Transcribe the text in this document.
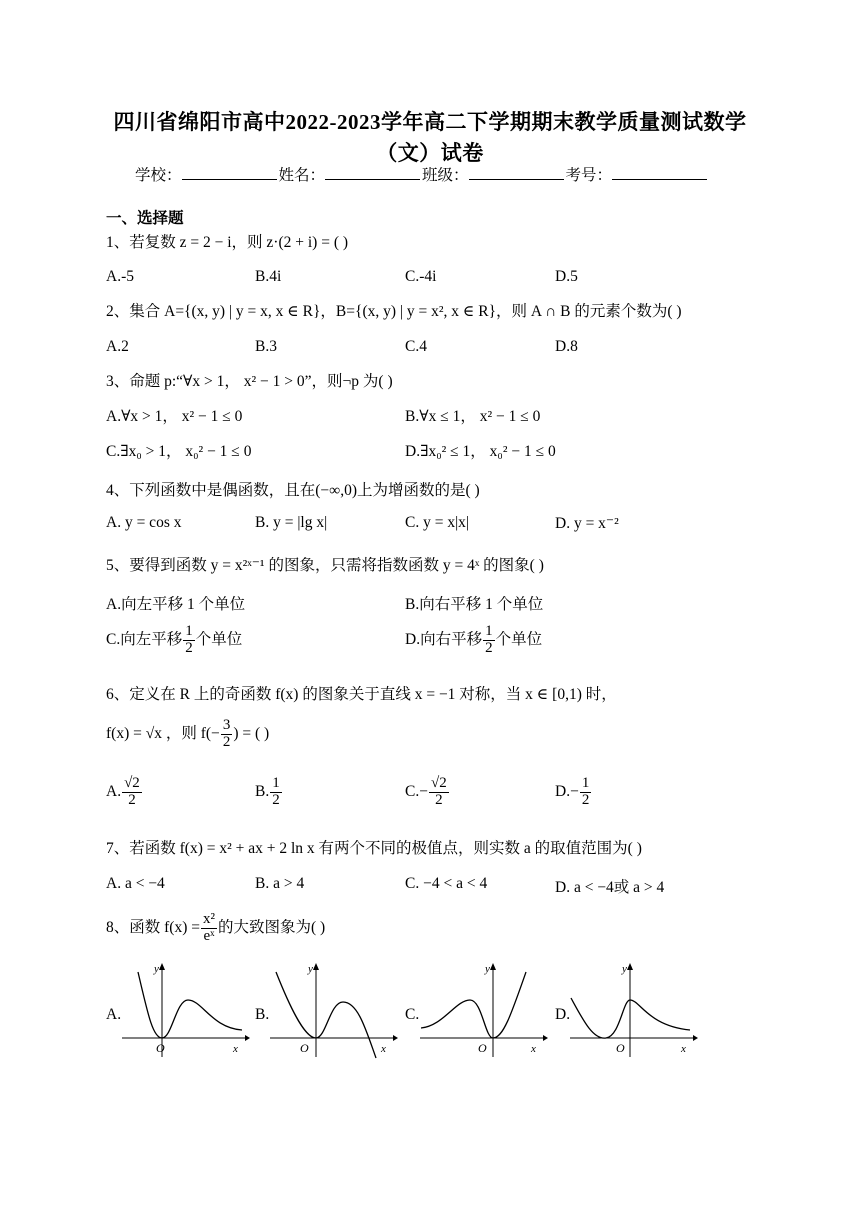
四川省绵阳市高中2022-2023学年高二下学期期末教学质量测试数学
（文）试卷
学校：	姓名：	班级：	考号：
一、选择题
1、若复数 z = 2 − i，则 z·(2 + i) = ( )
A.-5	B.4i	C.-4i	D.5
2、集合 A={(x, y) | y = x, x ∈ R}，B={(x, y) | y = x², x ∈ R}，则 A ∩ B 的元素个数为( )
A.2	B.3	C.4	D.8
3、命题 p:“∀x > 1， x² − 1 > 0”，则¬p 为( )
A.∀x > 1， x² − 1 ≤ 0	B.∀x ≤ 1， x² − 1 ≤ 0
C.∃x₀ > 1， x₀² − 1 ≤ 0	D.∃x₀² ≤ 1， x₀² − 1 ≤ 0
4、下列函数中是偶函数，且在(−∞,0)上为增函数的是( )
A. y = cos x	B. y = |lg x|	C. y = x|x|	D. y = x⁻²
5、要得到函数 y = x²ˣ⁻¹ 的图象，只需将指数函数 y = 4ˣ 的图象( )
A.向左平移 1 个单位	B.向右平移 1 个单位
C.向左平移 $\frac{1}{2}$ 个单位	D.向右平移 $\frac{1}{2}$ 个单位
6、定义在 R 上的奇函数 f(x) 的图象关于直线 x = −1 对称，当 x ∈ [0,1) 时，
f(x) = √x ，则 $f(- \frac{3}{2}$ ) = ( )
A. $\frac{√2}{2}$	B. $\frac{1}{2}$	$C.- \frac{√2}{2}$	$D.- \frac{1}{2}$
7、若函数 f(x) = x² + ax + 2 ln x 有两个不同的极值点，则实数 a 的取值范围为( )
A. a < −4	B. a > 4	C. −4 < a < 4	D. a < −4或 a > 4
8、函数 $f(x) = \frac{\text{x²}}{\text{eˣ}}$ 的大致图象为( )
A.
O	x
y
B.
O	x
y
C.
O	x
y
D.
O	x
y
